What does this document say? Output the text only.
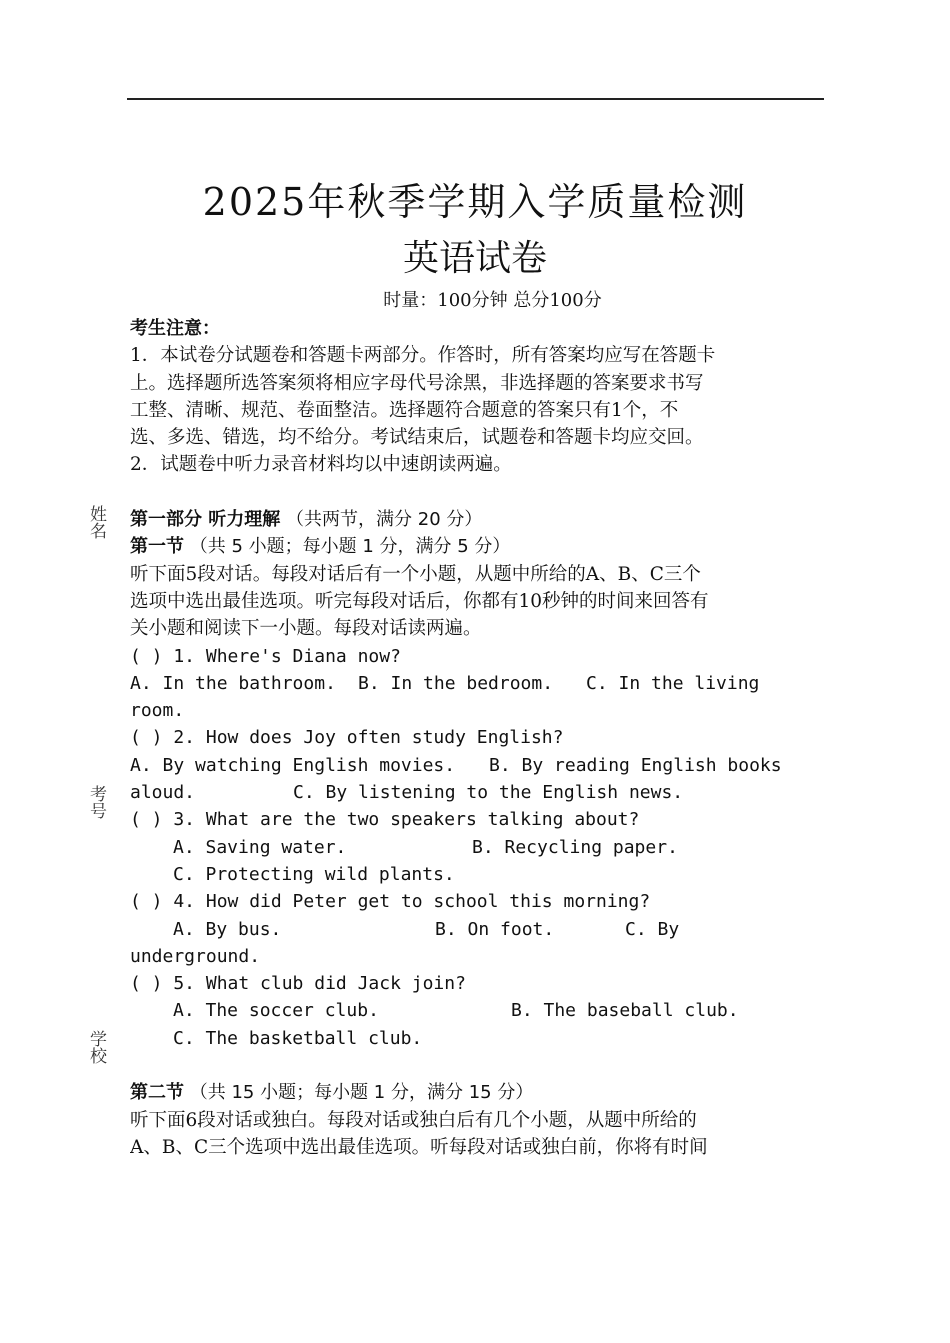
2025年秋季学期入学质量检测
英语试卷
时量：100分钟 总分100分
姓名
考号
学校
考生注意：
1．本试卷分试题卷和答题卡两部分。作答时，所有答案均应写在答题卡
上。选择题所选答案须将相应字母代号涂黑，非选择题的答案要求书写
工整、清晰、规范、卷面整洁。选择题符合题意的答案只有1个，不
选、多选、错选，均不给分。考试结束后，试题卷和答题卡均应交回。
2．试题卷中听力录音材料均以中速朗读两遍。
第一部分 听力理解 （共两节，满分 20 分）
第一节 （共 5 小题；每小题 1 分，满分 5 分）
听下面5段对话。每段对话后有一个小题，从题中所给的A、B、C三个
选项中选出最佳选项。听完每段对话后，你都有10秒钟的时间来回答有
关小题和阅读下一小题。每段对话读两遍。
( ) 1. Where's Diana now?
A. In the bathroom. B. In the bedroom. C. In the living
room.
( ) 2. How does Joy often study English?
A. By watching English movies. B. By reading English books
aloud.	C. By listening to the English news.
( ) 3. What are the two speakers talking about?
A. Saving water.	B. Recycling paper.
C. Protecting wild plants.
( ) 4. How did Peter get to school this morning?
A. By bus.	B. On foot.	C. By
underground.
( ) 5. What club did Jack join?
A. The soccer club.	B. The baseball club.
C. The basketball club.
第二节 （共 15 小题；每小题 1 分，满分 15 分）
听下面6段对话或独白。每段对话或独白后有几个小题，从题中所给的
A、B、C三个选项中选出最佳选项。听每段对话或独白前，你将有时间
